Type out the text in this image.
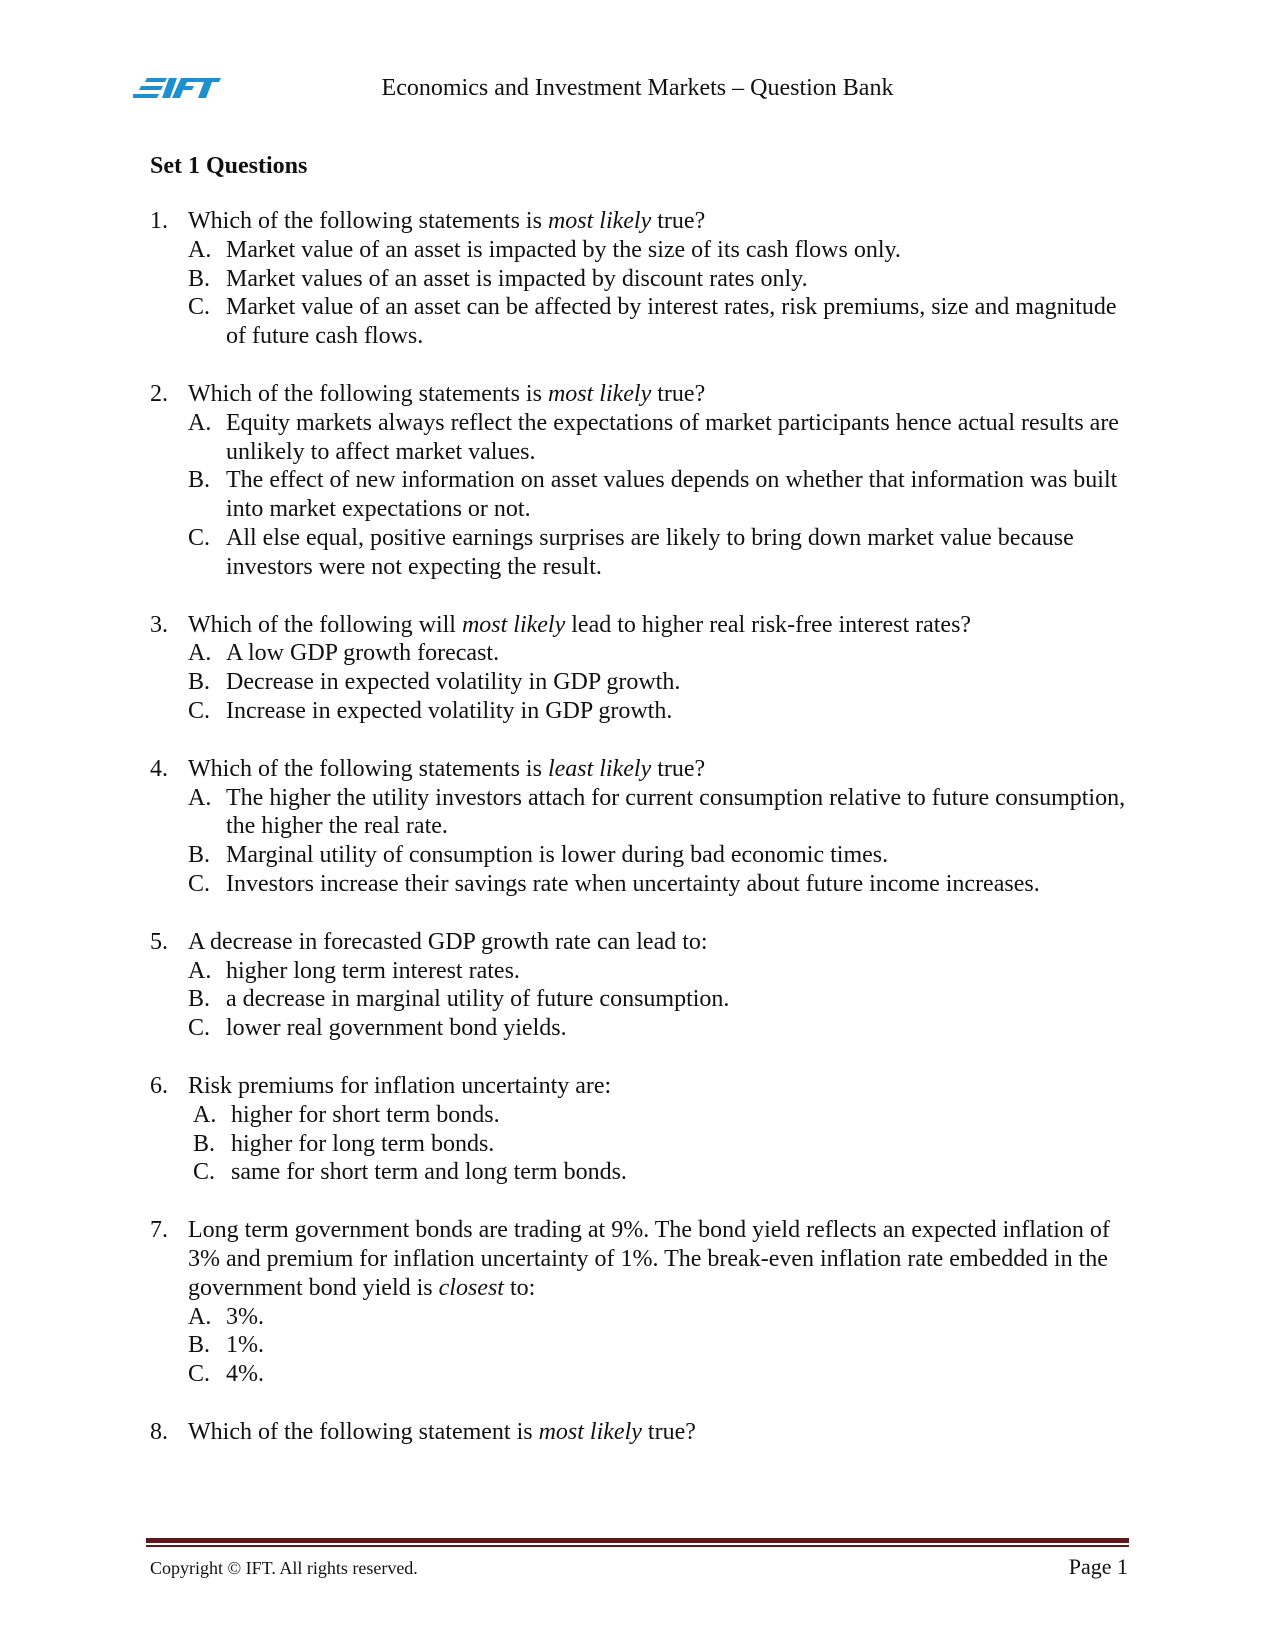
Economics and Investment Markets – Question Bank
Set 1 Questions
1. Which of the following statements is most likely true?
A. Market value of an asset is impacted by the size of its cash flows only.
B. Market values of an asset is impacted by discount rates only.
C. Market value of an asset can be affected by interest rates, risk premiums, size and magnitude of future cash flows.
2. Which of the following statements is most likely true?
A. Equity markets always reflect the expectations of market participants hence actual results are unlikely to affect market values.
B. The effect of new information on asset values depends on whether that information was built into market expectations or not.
C. All else equal, positive earnings surprises are likely to bring down market value because investors were not expecting the result.
3. Which of the following will most likely lead to higher real risk-free interest rates?
A. A low GDP growth forecast.
B. Decrease in expected volatility in GDP growth.
C. Increase in expected volatility in GDP growth.
4. Which of the following statements is least likely true?
A. The higher the utility investors attach for current consumption relative to future consumption, the higher the real rate.
B. Marginal utility of consumption is lower during bad economic times.
C. Investors increase their savings rate when uncertainty about future income increases.
5. A decrease in forecasted GDP growth rate can lead to:
A. higher long term interest rates.
B. a decrease in marginal utility of future consumption.
C. lower real government bond yields.
6. Risk premiums for inflation uncertainty are:
A. higher for short term bonds.
B. higher for long term bonds.
C. same for short term and long term bonds.
7. Long term government bonds are trading at 9%. The bond yield reflects an expected inflation of 3% and premium for inflation uncertainty of 1%. The break-even inflation rate embedded in the government bond yield is closest to:
A. 3%.
B. 1%.
C. 4%.
8. Which of the following statement is most likely true?
Copyright © IFT. All rights reserved.	Page 1
